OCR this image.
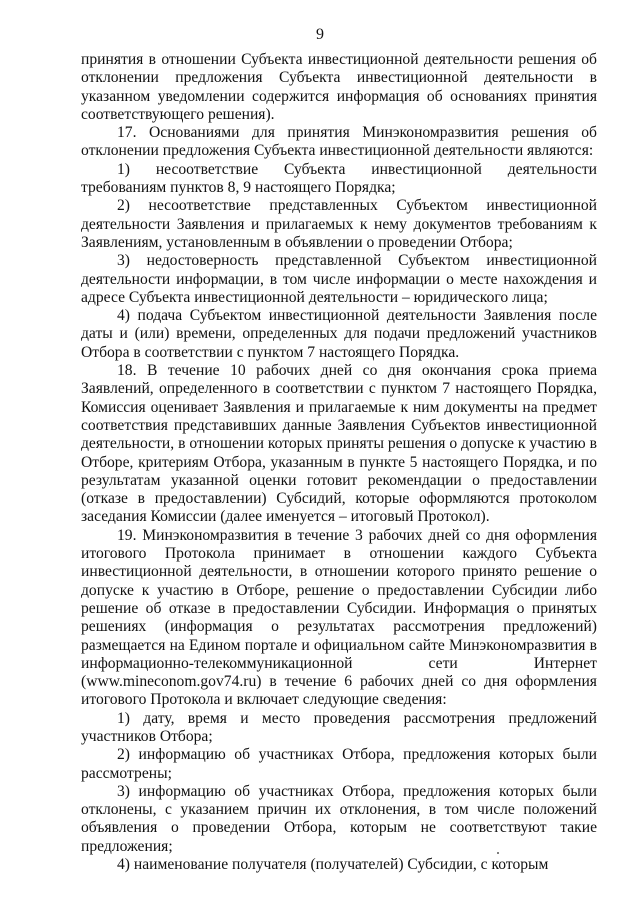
9

принятия в отношении Субъекта инвестиционной деятельности решения об отклонении предложения Субъекта инвестиционной деятельности в указанном уведомлении содержится информация об основаниях принятия соответствующего решения).

17. Основаниями для принятия Минэкономразвития решения об отклонении предложения Субъекта инвестиционной деятельности являются:

1) несоответствие Субъекта инвестиционной деятельности требованиям пунктов 8, 9 настоящего Порядка;

2) несоответствие представленных Субъектом инвестиционной деятельности Заявления и прилагаемых к нему документов требованиям к Заявлениям, установленным в объявлении о проведении Отбора;

3) недостоверность представленной Субъектом инвестиционной деятельности информации, в том числе информации о месте нахождения и адресе Субъекта инвестиционной деятельности – юридического лица;

4) подача Субъектом инвестиционной деятельности Заявления после даты и (или) времени, определенных для подачи предложений участников Отбора в соответствии с пунктом 7 настоящего Порядка.

18. В течение 10 рабочих дней со дня окончания срока приема Заявлений, определенного в соответствии с пунктом 7 настоящего Порядка, Комиссия оценивает Заявления и прилагаемые к ним документы на предмет соответствия представивших данные Заявления Субъектов инвестиционной деятельности, в отношении которых приняты решения о допуске к участию в Отборе, критериям Отбора, указанным в пункте 5 настоящего Порядка, и по результатам указанной оценки готовит рекомендации о предоставлении (отказе в предоставлении) Субсидий, которые оформляются протоколом заседания Комиссии (далее именуется – итоговый Протокол).

19. Минэкономразвития в течение 3 рабочих дней со дня оформления итогового Протокола принимает в отношении каждого Субъекта инвестиционной деятельности, в отношении которого принято решение о допуске к участию в Отборе, решение о предоставлении Субсидии либо решение об отказе в предоставлении Субсидии. Информация о принятых решениях (информация о результатах рассмотрения предложений) размещается на Едином портале и официальном сайте Минэкономразвития в информационно-телекоммуникационной сети Интернет (www.mineconom.gov74.ru) в течение 6 рабочих дней со дня оформления итогового Протокола и включает следующие сведения:

1) дату, время и место проведения рассмотрения предложений участников Отбора;

2) информацию об участниках Отбора, предложения которых были рассмотрены;

3) информацию об участниках Отбора, предложения которых были отклонены, с указанием причин их отклонения, в том числе положений объявления о проведении Отбора, которым не соответствуют такие предложения;

4) наименование получателя (получателей) Субсидии, с которым
